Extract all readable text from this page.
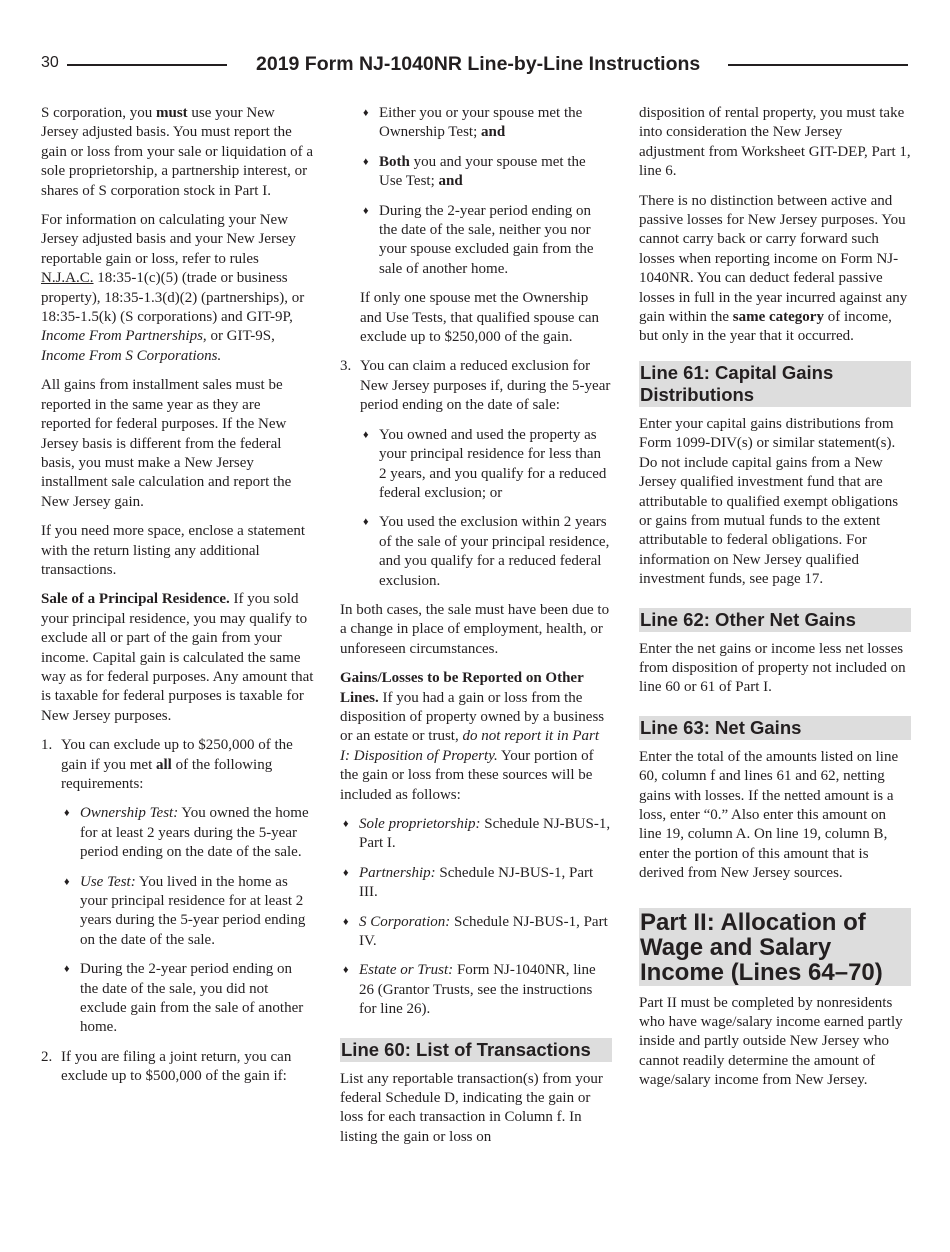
30	2019 Form NJ-1040NR Line-by-Line Instructions

S corporation, you must use your New Jersey adjusted basis. You must report the gain or loss from your sale or liquidation of a sole proprietorship, a partnership interest, or shares of S corporation stock in Part I.

For information on calculating your New Jersey adjusted basis and your New Jersey reportable gain or loss, refer to rules N.J.A.C. 18:35-1(c)(5) (trade or business property), 18:35-1.3(d)(2) (partnerships), or 18:35-1.5(k) (S corporations) and GIT-9P, Income From Partnerships, or GIT-9S, Income From S Corporations.

All gains from installment sales must be reported in the same year as they are reported for federal purposes. If the New Jersey basis is different from the federal basis, you must make a New Jersey installment sale calculation and report the New Jersey gain.

If you need more space, enclose a statement with the return listing any additional transactions.

Sale of a Principal Residence. If you sold your principal residence, you may qualify to exclude all or part of the gain from your income. Capital gain is calculated the same way as for federal purposes. Any amount that is taxable for federal purposes is taxable for New Jersey purposes.

1. You can exclude up to $250,000 of the gain if you met all of the following requirements:
♦ Ownership Test: You owned the home for at least 2 years during the 5-year period ending on the date of the sale.
♦ Use Test: You lived in the home as your principal residence for at least 2 years during the 5-year period ending on the date of the sale.
♦ During the 2-year period ending on the date of the sale, you did not exclude gain from the sale of another home.
2. If you are filing a joint return, you can exclude up to $500,000 of the gain if:
♦ Either you or your spouse met the Ownership Test; and
♦ Both you and your spouse met the Use Test; and
♦ During the 2-year period ending on the date of the sale, neither you nor your spouse excluded gain from the sale of another home.

If only one spouse met the Ownership and Use Tests, that qualified spouse can exclude up to $250,000 of the gain.

3. You can claim a reduced exclusion for New Jersey purposes if, during the 5-year period ending on the date of sale:
♦ You owned and used the property as your principal residence for less than 2 years, and you qualify for a reduced federal exclusion; or
♦ You used the exclusion within 2 years of the sale of your principal residence, and you qualify for a reduced federal exclusion.

In both cases, the sale must have been due to a change in place of employment, health, or unforeseen circumstances.

Gains/Losses to be Reported on Other Lines. If you had a gain or loss from the disposition of property owned by a business or an estate or trust, do not report it in Part I: Disposition of Property. Your portion of the gain or loss from these sources will be included as follows:

♦ Sole proprietorship: Schedule NJ-BUS-1, Part I.
♦ Partnership: Schedule NJ-BUS-1, Part III.
♦ S Corporation: Schedule NJ-BUS-1, Part IV.
♦ Estate or Trust: Form NJ-1040NR, line 26 (Grantor Trusts, see the instructions for line 26).
Line 60: List of Transactions

List any reportable transaction(s) from your federal Schedule D, indicating the gain or loss for each transaction in Column f. In listing the gain or loss on

disposition of rental property, you must take into consideration the New Jersey adjustment from Worksheet GIT-DEP, Part 1, line 6.

There is no distinction between active and passive losses for New Jersey purposes. You cannot carry back or carry forward such losses when reporting income on Form NJ-1040NR. You can deduct federal passive losses in full in the year incurred against any gain within the same category of income, but only in the year that it occurred.

Line 61: Capital Gains Distributions

Enter your capital gains distributions from Form 1099-DIV(s) or similar statement(s). Do not include capital gains from a New Jersey qualified investment fund that are attributable to qualified exempt obligations or gains from mutual funds to the extent attributable to federal obligations. For information on New Jersey qualified investment funds, see page 17.

Line 62: Other Net Gains

Enter the net gains or income less net losses from disposition of property not included on line 60 or 61 of Part I.

Line 63: Net Gains

Enter the total of the amounts listed on line 60, column f and lines 61 and 62, netting gains with losses. If the netted amount is a loss, enter “0.” Also enter this amount on line 19, column A. On line 19, column B, enter the portion of this amount that is derived from New Jersey sources.

Part II: Allocation of Wage and Salary Income (Lines 64–70)

Part II must be completed by nonresidents who have wage/salary income earned partly inside and partly outside New Jersey who cannot readily determine the amount of wage/salary income from New Jersey.
